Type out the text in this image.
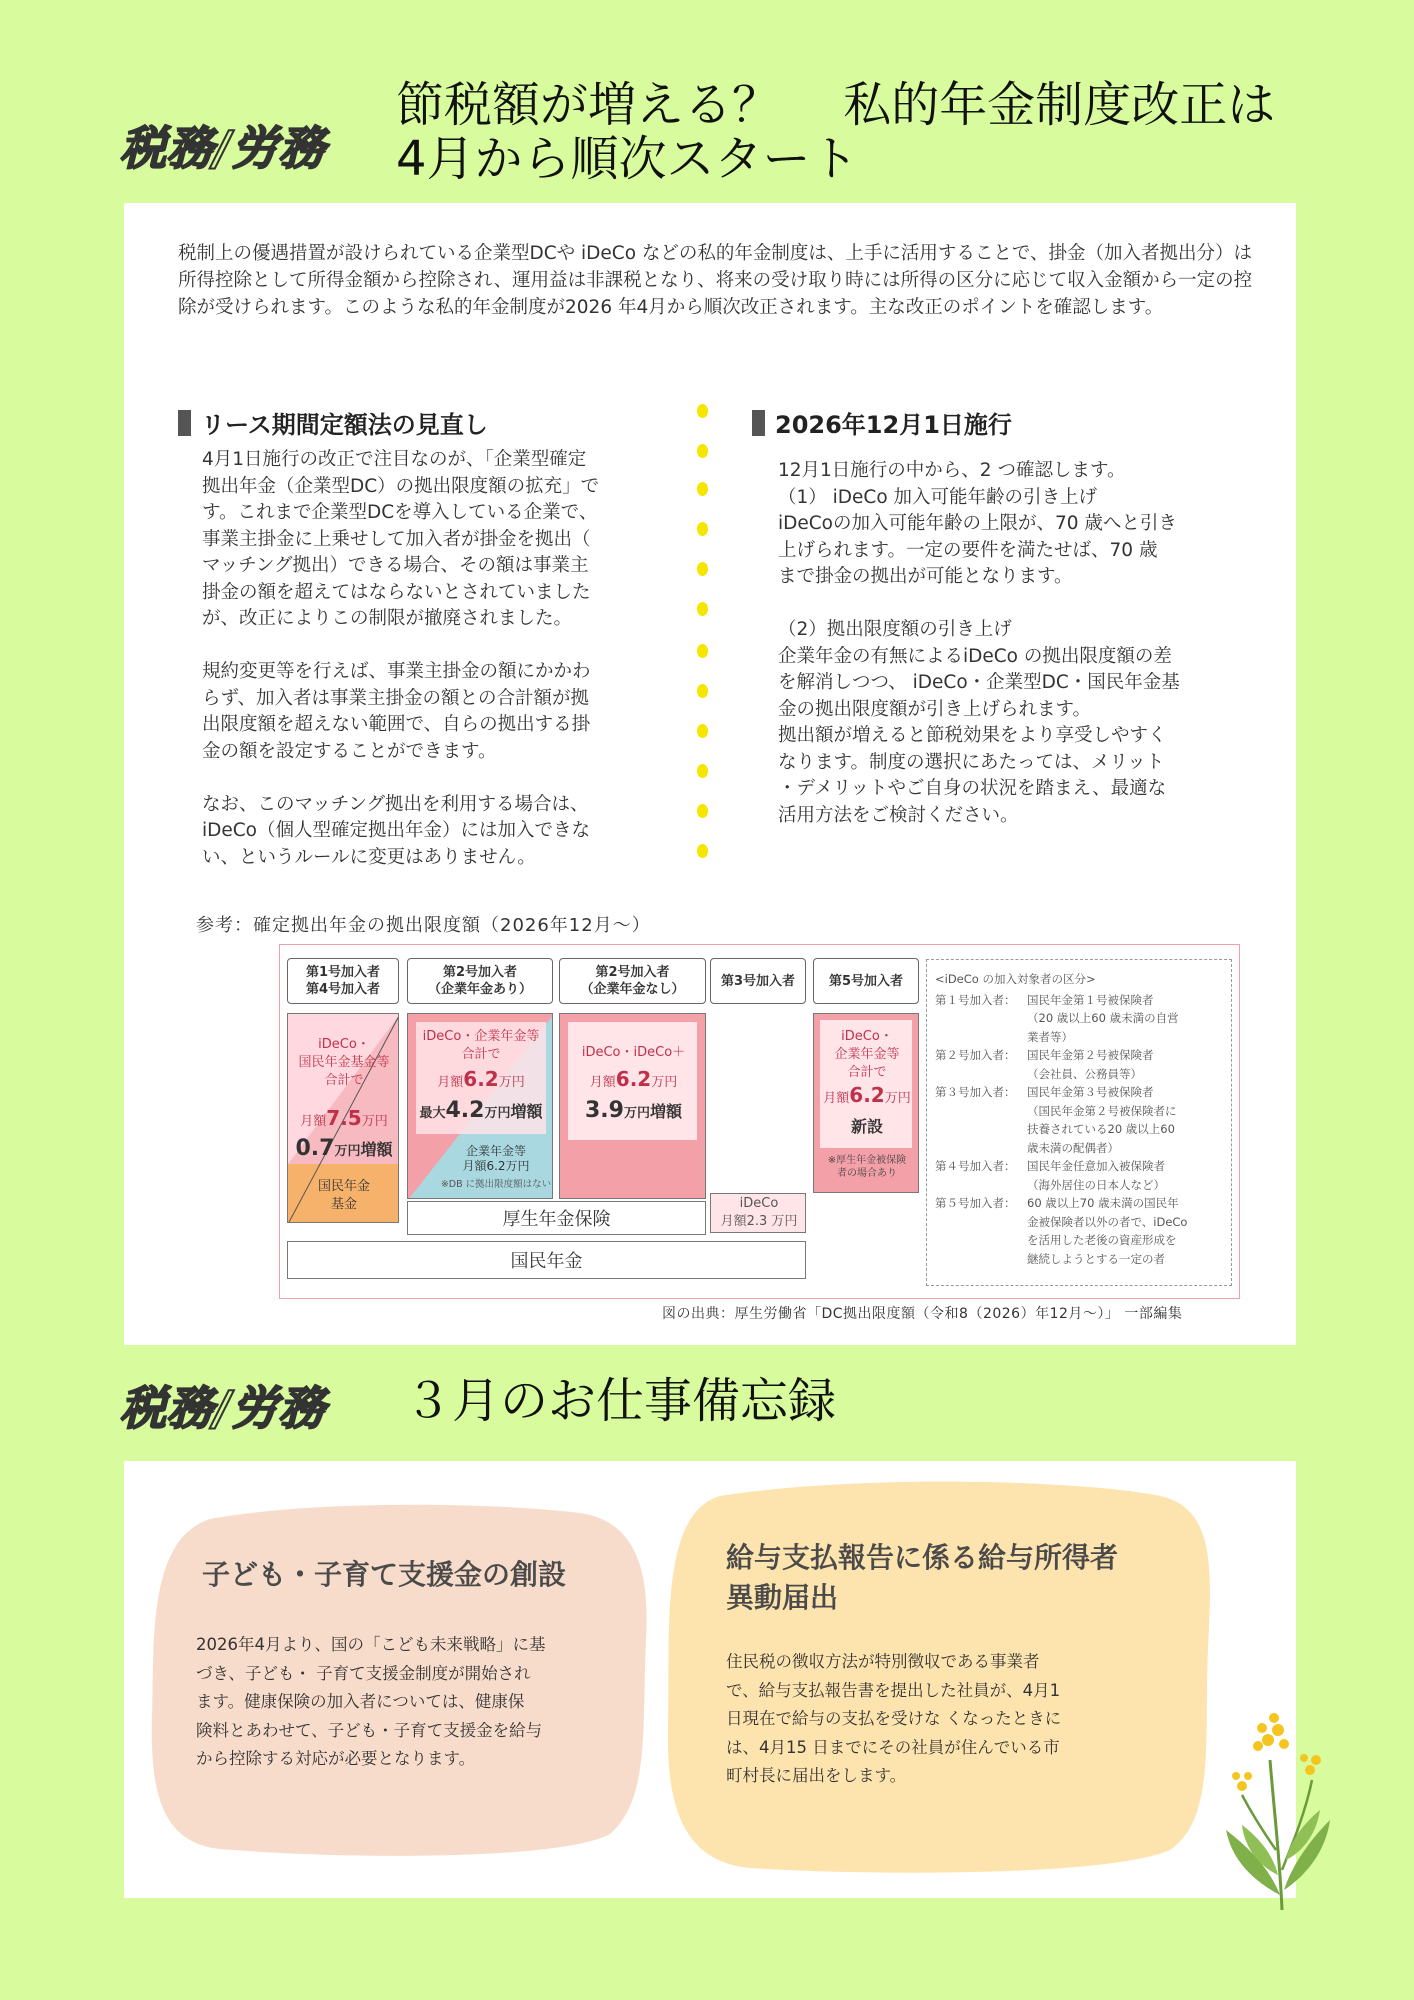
税務/労務
節税額が増える？　 私的年金制度改正は
4月から順次スタート
税制上の優遇措置が設けられている企業型DCや iDeCo などの私的年金制度は、上手に活用することで、掛金（加入者拠出分）は所得控除として所得金額から控除され、運用益は非課税となり、将来の受け取り時には所得の区分に応じて収入金額から一定の控除が受けられます。このような私的年金制度が2026 年4月から順次改正されます。主な改正のポイントを確認します。
リース期間定額法の見直し

4月1日施行の改正で注目なのが、「企業型確定
拠出年金（企業型DC）の拠出限度額の拡充」で
す。これまで企業型DCを導入している企業で、
事業主掛金に上乗せして加入者が掛金を拠出（
マッチング拠出）できる場合、その額は事業主
掛金の額を超えてはならないとされていました
が、改正によりこの制限が撤廃されました。

規約変更等を行えば、事業主掛金の額にかかわ
らず、加入者は事業主掛金の額との合計額が拠
出限度額を超えない範囲で、自らの拠出する掛
金の額を設定することができます。

なお、このマッチング拠出を利用する場合は、
iDeCo（個人型確定拠出年金）には加入できな
い、というルールに変更はありません。

2026年12月1日施行

12月1日施行の中から、2 つ確認します。
（1） iDeCo 加入可能年齢の引き上げ
iDeCoの加入可能年齢の上限が、70 歳へと引き
上げられます。一定の要件を満たせば、70 歳
まで掛金の拠出が可能となります。

（2）拠出限度額の引き上げ
企業年金の有無によるiDeCo の拠出限度額の差
を解消しつつ、 iDeCo・企業型DC・国民年金基
金の拠出限度額が引き上げられます。
拠出額が増えると節税効果をより享受しやすく
なります。制度の選択にあたっては、メリット
・デメリットやご自身の状況を踏まえ、最適な
活用方法をご検討ください。

参考：確定拠出年金の拠出限度額（2026年12月～）
第1号加入者
第4号加入者
第2号加入者
（企業年金あり）
第2号加入者
（企業年金なし）
第3号加入者	第5号加入者
iDeCo・
国民年金基金等
合計で
月額7.5万円
0.7万円増額
国民年金
基金
iDeCo・企業年金等
合計で
月額6.2万円
最大4.2万円増額
企業年金等
月額6.2万円
※DB に拠出限度額はない
iDeCo・iDeCo＋
月額6.2万円
3.9万円増額
iDeCo
月額2.3 万円
iDeCo・
企業年金等
合計で
月額6.2万円
新設
※厚生年金被保険
者の場合あり
厚生年金保険
国民年金
<iDeCo の加入対象者の区分>
第１号加入者：	国民年金第１号被保険者
（20 歳以上60 歳未満の自営
業者等）
第２号加入者：	国民年金第２号被保険者
（会社員、公務員等）
第３号加入者：	国民年金第３号被保険者
（国民年金第２号被保険者に
扶養されている20 歳以上60
歳未満の配偶者）
第４号加入者：	国民年金任意加入被保険者
（海外居住の日本人など）
第５号加入者：	60 歳以上70 歳未満の国民年
金被保険者以外の者で、iDeCo
を活用した老後の資産形成を
継続しようとする一定の者
図の出典：厚生労働省「DC拠出限度額（令和8（2026）年12月～）」 一部編集
税務/労務 ３月のお仕事備忘録
子ども・子育て支援金の創設
2026年4月より、国の「こども未来戦略」に基
づき、子ども・ 子育て支援金制度が開始され
ます。健康保険の加入者については、健康保
険料とあわせて、子ども・子育て支援金を給与
から控除する対応が必要となります。
給与支払報告に係る給与所得者
異動届出
住民税の徴収方法が特別徴収である事業者
で、給与支払報告書を提出した社員が、4月1
日現在で給与の支払を受けな くなったときに
は、4月15 日までにその社員が住んでいる市
町村長に届出をします。
